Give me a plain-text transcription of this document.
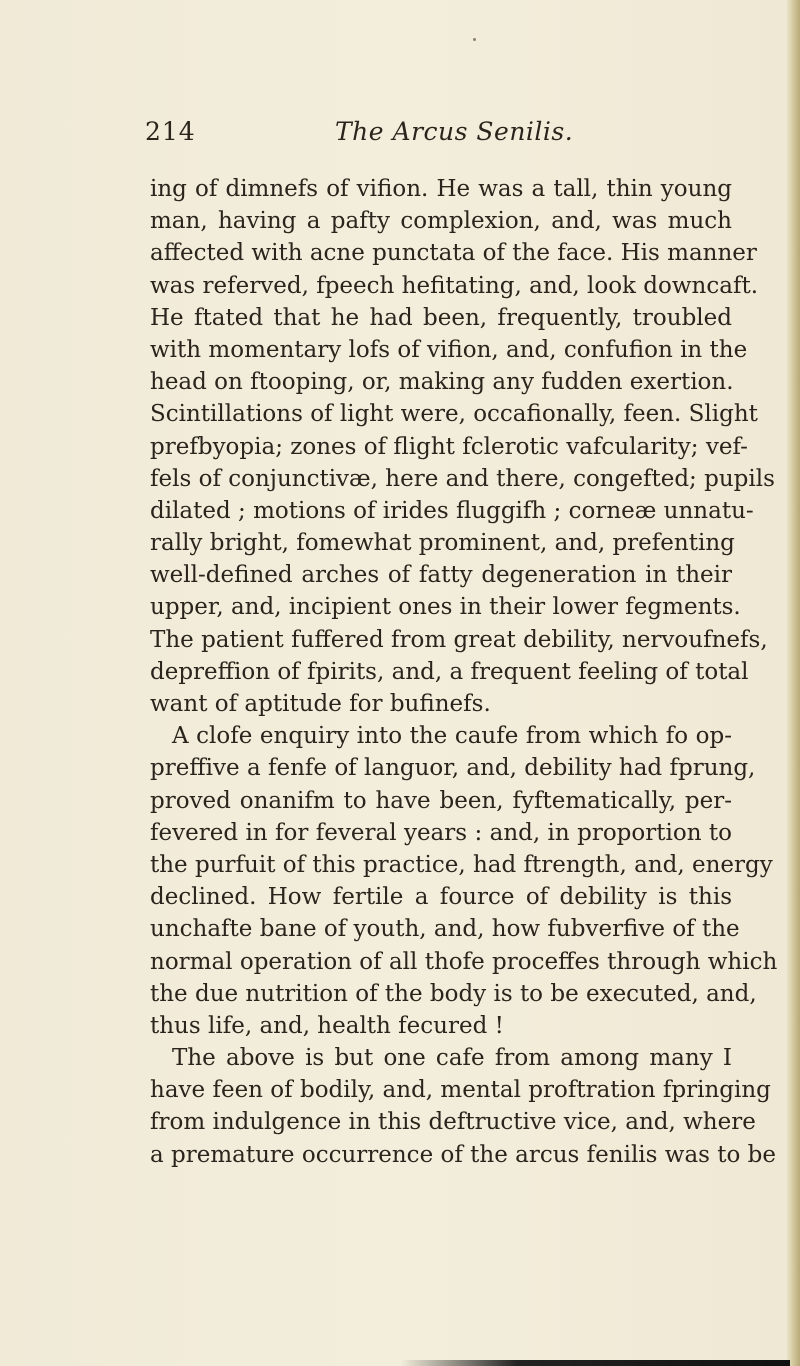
214	The Arcus Senilis.
ing of dimnefs of vifion. He was a tall, thin young
man, having a pafty complexion, and, was much
affected with acne punctata of the face. His manner
was referved, fpeech hefitating, and, look downcaft.
He ftated that he had been, frequently, troubled
with momentary lofs of vifion, and, confufion in the
head on ftooping, or, making any fudden exertion.
Scintillations of light were, occafionally, feen. Slight
prefbyopia; zones of flight fclerotic vafcularity; vef-
fels of conjunctivæ, here and there, congefted; pupils
dilated ; motions of irides fluggifh ; corneæ unnatu-
rally bright, fomewhat prominent, and, prefenting
well-defined arches of fatty degeneration in their
upper, and, incipient ones in their lower fegments.
The patient fuffered from great debility, nervoufnefs,
depreffion of fpirits, and, a frequent feeling of total
want of aptitude for bufinefs.
A clofe enquiry into the caufe from which fo op-
preffive a fenfe of languor, and, debility had fprung,
proved onanifm to have been, fyftematically, per-
fevered in for feveral years : and, in proportion to
the purfuit of this practice, had ftrength, and, energy
declined. How fertile a fource of debility is this
unchafte bane of youth, and, how fubverfive of the
normal operation of all thofe proceffes through which
the due nutrition of the body is to be executed, and,
thus life, and, health fecured !
The above is but one cafe from among many I
have feen of bodily, and, mental proftration fpringing
from indulgence in this deftructive vice, and, where
a premature occurrence of the arcus fenilis was to be
